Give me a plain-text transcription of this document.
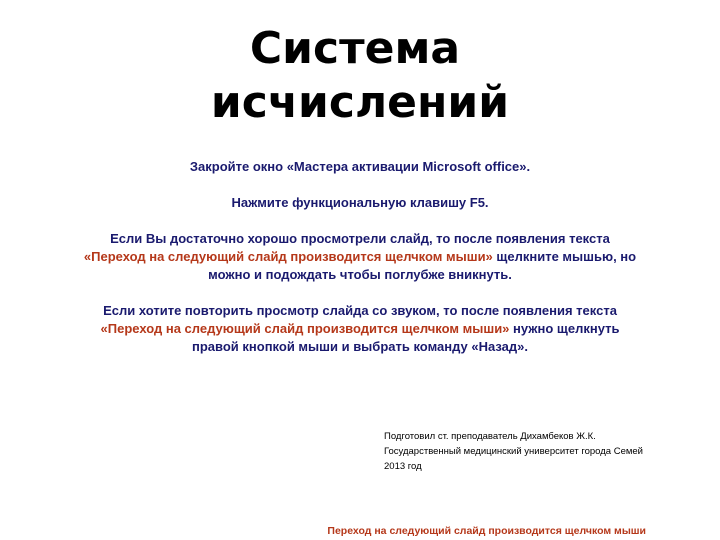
Система
исчислений

Закройте окно «Мастера активации Microsoft office».

Нажмите функциональную клавишу F5.

Если Вы достаточно хорошо просмотрели слайд, то после появления текста «Переход на следующий слайд производится щелчком мыши» щелкните мышью, но можно и подождать чтобы поглубже вникнуть.

Если хотите повторить просмотр слайда со звуком, то после появления текста «Переход на следующий слайд производится щелчком мыши» нужно щелкнуть правой кнопкой мыши и выбрать команду «Назад».

Подготовил ст. преподаватель Дихамбеков Ж.К.
Государственный медицинский университет города Семей
2013 год
Переход на следующий слайд производится щелчком мыши
